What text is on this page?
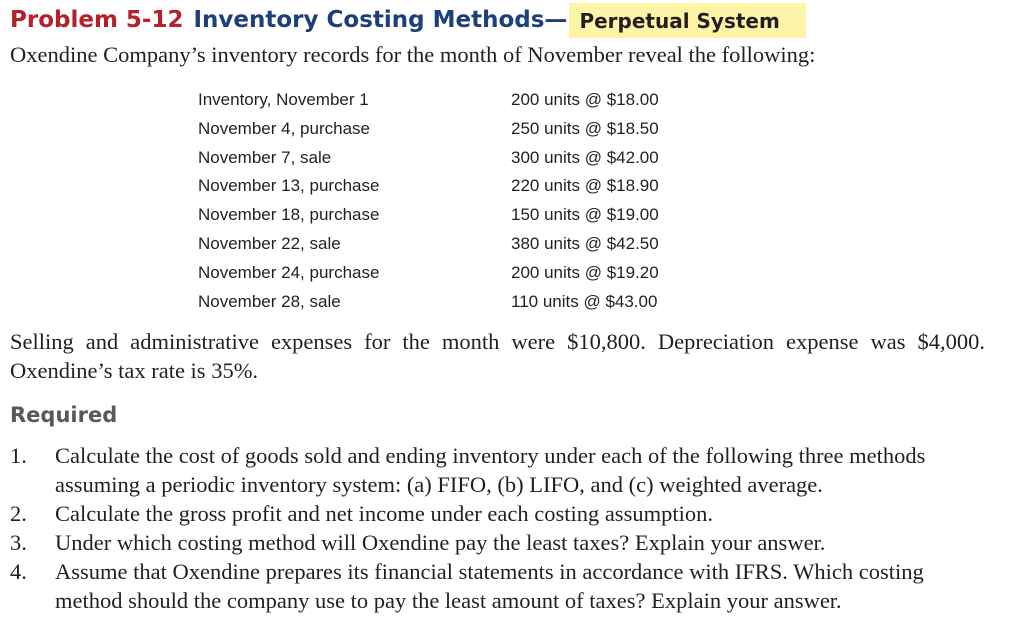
Problem 5-12 Inventory Costing Methods— Perpetual System
Oxendine Company’s inventory records for the month of November reveal the following:
Inventory, November 1	200 units @ $18.00
November 4, purchase	250 units @ $18.50
November 7, sale	300 units @ $42.00
November 13, purchase	220 units @ $18.90
November 18, purchase	150 units @ $19.00
November 22, sale	380 units @ $42.50
November 24, purchase	200 units @ $19.20
November 28, sale	110 units @ $43.00
Selling and administrative expenses for the month were $10,800. Depreciation expense was $4,000. Oxendine’s tax rate is 35%.
Required
1. Calculate the cost of goods sold and ending inventory under each of the following three methods assuming a periodic inventory system: (a) FIFO, (b) LIFO, and (c) weighted average.
2. Calculate the gross profit and net income under each costing assumption.
3. Under which costing method will Oxendine pay the least taxes? Explain your answer.
4. Assume that Oxendine prepares its financial statements in accordance with IFRS. Which costing method should the company use to pay the least amount of taxes? Explain your answer.
